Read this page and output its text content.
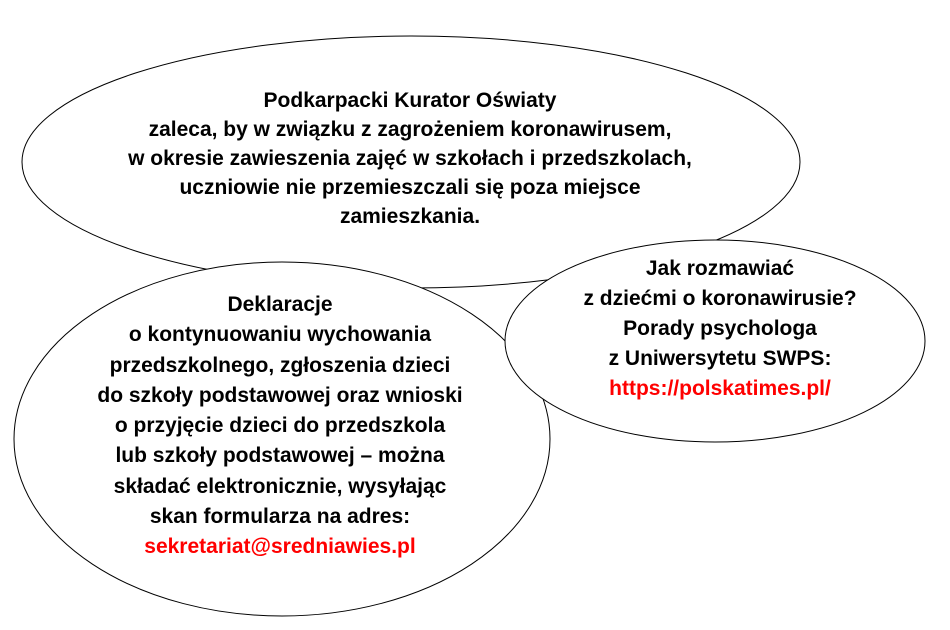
Podkarpacki Kurator Oświaty
zaleca, by w związku z zagrożeniem koronawirusem,
w okresie zawieszenia zajęć w szkołach i przedszkolach,
uczniowie nie przemieszczali się poza miejsce
zamieszkania.
Deklaracje
o kontynuowaniu wychowania
przedszkolnego, zgłoszenia dzieci
do szkoły podstawowej oraz wnioski
o przyjęcie dzieci do przedszkola
lub szkoły podstawowej – można
składać elektronicznie, wysyłając
skan formularza na adres:
sekretariat@sredniawies.pl
Jak rozmawiać
z dziećmi o koronawirusie?
Porady psychologa
z Uniwersytetu SWPS:
https://polskatimes.pl/
